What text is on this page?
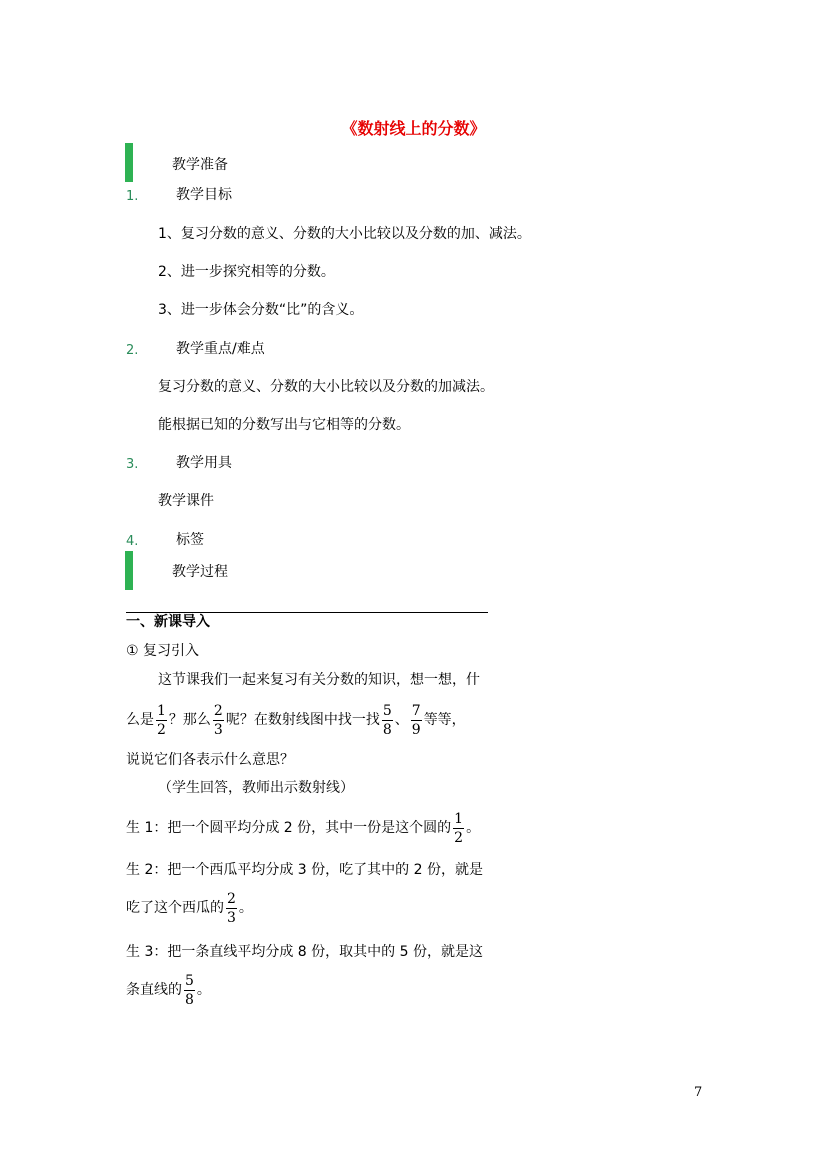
《数射线上的分数》
教学准备
1.	教学目标
1、复习分数的意义、分数的大小比较以及分数的加、减法。
2、进一步探究相等的分数。
3、进一步体会分数“比”的含义。
2.	教学重点/难点
复习分数的意义、分数的大小比较以及分数的加减法。
能根据已知的分数写出与它相等的分数。
3.	教学用具
教学课件
4.	标签
教学过程
一、新课导入
① 复习引入
这节课我们一起来复习有关分数的知识，想一想，什
么是 $\frac{1}{2}$ ？那么 $\frac{2}{3}$ 呢？在数射线图中找一找 $\frac{5}{8}$ 、 $\frac{7}{9}$ 等等，
说说它们各表示什么意思？
（学生回答，教师出示数射线）
生 1：把一个圆平均分成 2 份，其中一份是这个圆的 $\frac{1}{2}$ 。
生 2：把一个西瓜平均分成 3 份，吃了其中的 2 份，就是
吃了这个西瓜的 $\frac{2}{3}$ 。
生 3：把一条直线平均分成 8 份，取其中的 5 份，就是这
条直线的 $\frac{5}{8}$ 。
7
